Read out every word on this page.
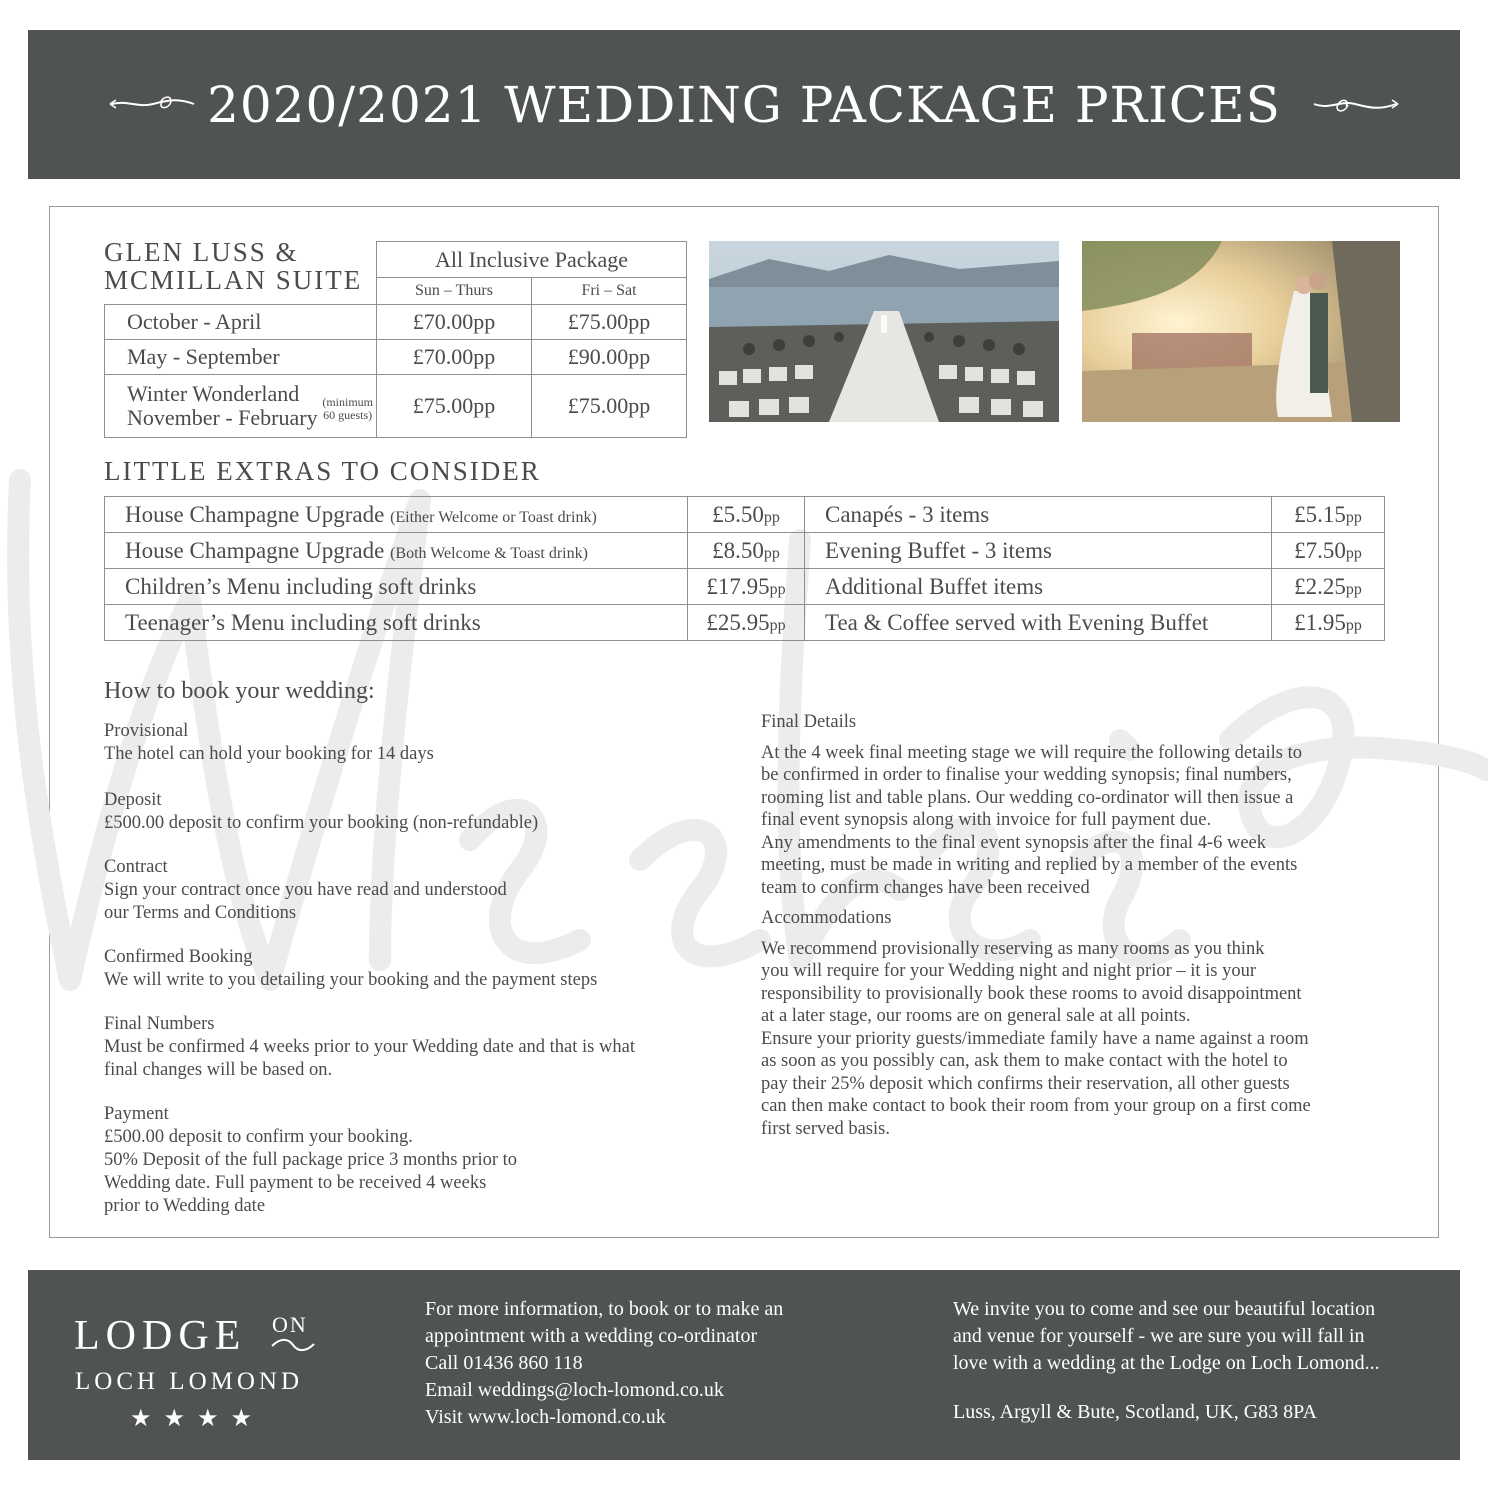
2020/2021 WEDDING PACKAGE PRICES
GLEN LUSS &
MCMILLAN SUITE
	All Inclusive Package	
	Sun – Thurs	Fri – Sat
October - April	£70.00pp	£75.00pp
May - September	£70.00pp	£90.00pp

Winter Wonderland
November - February
(minimum
60 guests)	£75.00pp	£75.00pp
LITTLE EXTRAS TO CONSIDER
House Champagne Upgrade (Either Welcome or Toast drink)	£5.50pp	Canapés - 3 items	£5.15pp
House Champagne Upgrade (Both Welcome & Toast drink)	£8.50pp	Evening Buffet - 3 items	£7.50pp
Children’s Menu including soft drinks	£17.95pp	Additional Buffet items	£2.25pp
Teenager’s Menu including soft drinks	£25.95pp	Tea & Coffee served with Evening Buffet	£1.95pp
How to book your wedding:
Provisional
The hotel can hold your booking for 14 days
Deposit
£500.00 deposit to confirm your booking (non-refundable)
Contract
Sign your contract once you have read and understood
our Terms and Conditions
Confirmed Booking
We will write to you detailing your booking and the payment steps
Final Numbers
Must be confirmed 4 weeks prior to your Wedding date and that is what
final changes will be based on.
Payment
£500.00 deposit to confirm your booking.
50% Deposit of the full package price 3 months prior to
Wedding date. Full payment to be received 4 weeks
prior to Wedding date
Final Details
At the 4 week final meeting stage we will require the following details to
be confirmed in order to finalise your wedding synopsis; final numbers,
rooming list and table plans. Our wedding co-ordinator will then issue a
final event synopsis along with invoice for full payment due.
Any amendments to the final event synopsis after the final 4-6 week
meeting, must be made in writing and replied by a member of the events
team to confirm changes have been received
Accommodations
We recommend provisionally reserving as many rooms as you think
you will require for your Wedding night and night prior – it is your
responsibility to provisionally book these rooms to avoid disappointment
at a later stage, our rooms are on general sale at all points.
Ensure your priority guests/immediate family have a name against a room
as soon as you possibly can, ask them to make contact with the hotel to
pay their 25% deposit which confirms their reservation, all other guests
can then make contact to book their room from your group on a first come
first served basis.
LODGE ON
LOCH LOMOND
★★★★
For more information, to book or to make an
appointment with a wedding co-ordinator
Call 01436 860 118
Email weddings@loch-lomond.co.uk
Visit www.loch-lomond.co.uk
We invite you to come and see our beautiful location
and venue for yourself - we are sure you will fall in
love with a wedding at the Lodge on Loch Lomond...
Luss, Argyll & Bute, Scotland, UK, G83 8PA
